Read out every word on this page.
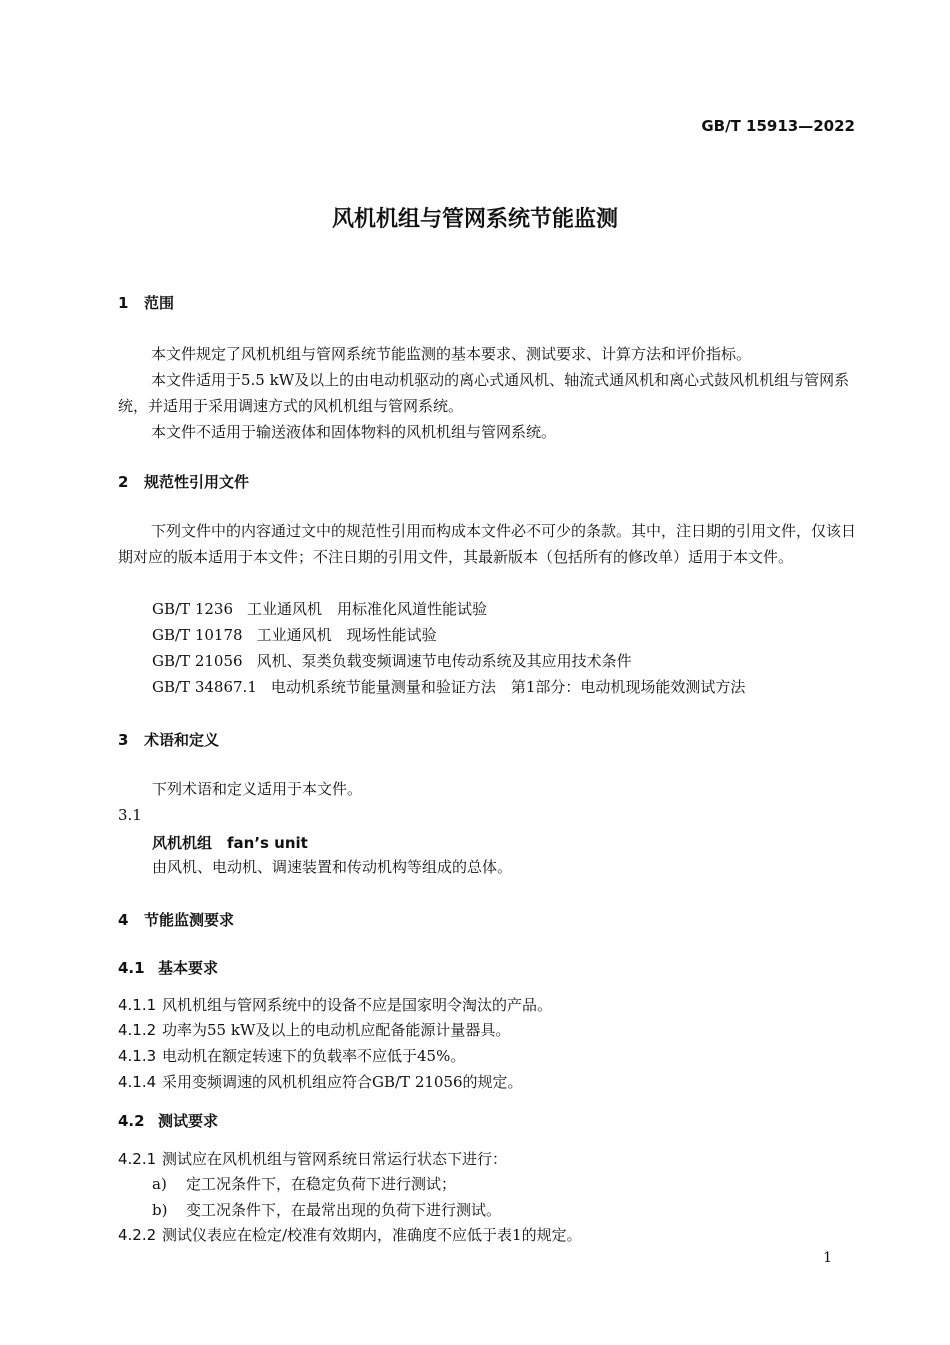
GB/T 15913—2022
风机机组与管网系统节能监测
1 范围
本文件规定了风机机组与管网系统节能监测的基本要求、测试要求、计算方法和评价指标。
本文件适用于5.5 kW及以上的由电动机驱动的离心式通风机、轴流式通风机和离心式鼓风机机组与管网系统，并适用于采用调速方式的风机机组与管网系统。
本文件不适用于输送液体和固体物料的风机机组与管网系统。
2 规范性引用文件
下列文件中的内容通过文中的规范性引用而构成本文件必不可少的条款。其中，注日期的引用文件，仅该日期对应的版本适用于本文件；不注日期的引用文件，其最新版本（包括所有的修改单）适用于本文件。
GB/T 1236 工业通风机　用标准化风道性能试验
GB/T 10178 工业通风机　现场性能试验
GB/T 21056 风机、泵类负载变频调速节电传动系统及其应用技术条件
GB/T 34867.1 电动机系统节能量测量和验证方法　第1部分：电动机现场能效测试方法
3 术语和定义
下列术语和定义适用于本文件。
3.1
风机机组　fan’s unit
由风机、电动机、调速装置和传动机构等组成的总体。
4 节能监测要求
4.1 基本要求
4.1.1 风机机组与管网系统中的设备不应是国家明令淘汰的产品。
4.1.2 功率为55 kW及以上的电动机应配备能源计量器具。
4.1.3 电动机在额定转速下的负载率不应低于45%。
4.1.4 采用变频调速的风机机组应符合GB/T 21056的规定。
4.2 测试要求
4.2.1 测试应在风机机组与管网系统日常运行状态下进行：
a) 定工况条件下，在稳定负荷下进行测试；
b) 变工况条件下，在最常出现的负荷下进行测试。
4.2.2 测试仪表应在检定/校准有效期内，准确度不应低于表1的规定。
1
